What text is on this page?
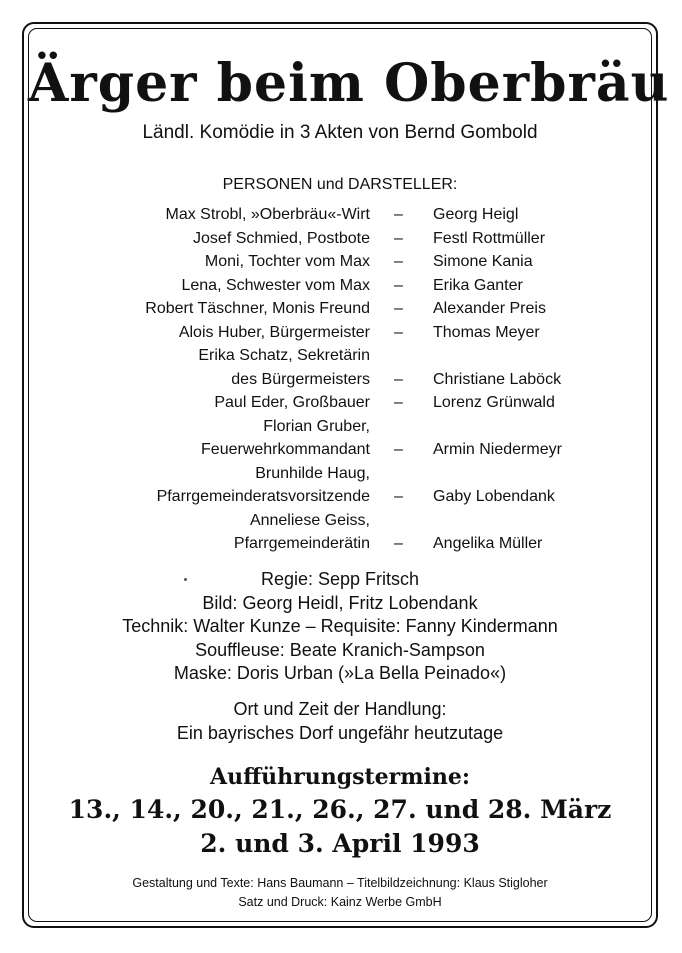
Ärger beim Oberbräu
Ländl. Komödie in 3 Akten von Bernd Gombold
PERSONEN und DARSTELLER:
Max Strobl, »Oberbräu«-Wirt – Georg Heigl
Josef Schmied, Postbote – Festl Rottmüller
Moni, Tochter vom Max – Simone Kania
Lena, Schwester vom Max – Erika Ganter
Robert Täschner, Monis Freund – Alexander Preis
Alois Huber, Bürgermeister – Thomas Meyer
Erika Schatz, Sekretärin
des Bürgermeisters – Christiane Laböck
Paul Eder, Großbauer – Lorenz Grünwald
Florian Gruber,
Feuerwehrkommandant – Armin Niedermeyr
Brunhilde Haug,
Pfarrgemeinderatsvorsitzende – Gaby Lobendank
Anneliese Geiss,
Pfarrgemeinderätin – Angelika Müller
Regie: Sepp Fritsch
Bild: Georg Heidl, Fritz Lobendank
Technik: Walter Kunze – Requisite: Fanny Kindermann
Souffleuse: Beate Kranich-Sampson
Maske: Doris Urban (»La Bella Peinado«)
Ort und Zeit der Handlung:
Ein bayrisches Dorf ungefähr heutzutage
Aufführungstermine:
13., 14., 20., 21., 26., 27. und 28. März
2. und 3. April 1993
Gestaltung und Texte: Hans Baumann – Titelbildzeichnung: Klaus Stigloher
Satz und Druck: Kainz Werbe GmbH
